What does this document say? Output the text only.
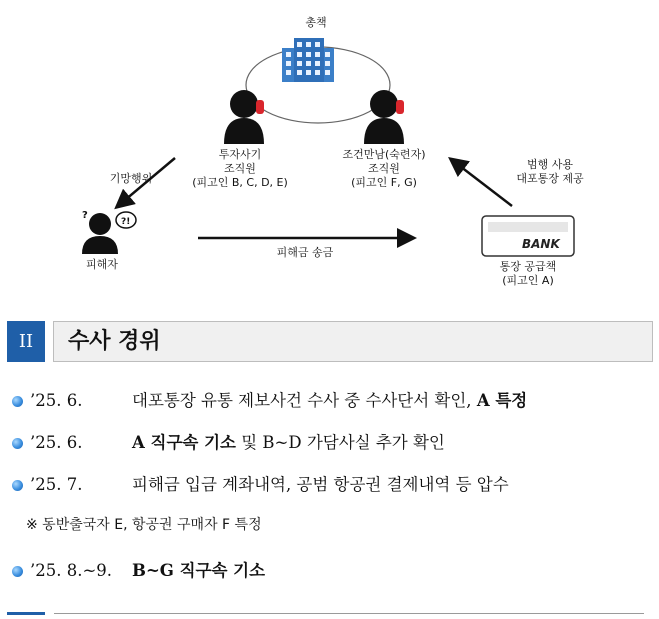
?!
?
BANK
총책
투자사기
조직원
(피고인 B, C, D, E)
조건만남(숙련자)
조직원
(피고인 F, G)
기망행위
피해자
피해금 송금
통장 공급책
(피고인 A)
범행 사용
대포통장 제공
II	수사 경위
’25. 6.	대포통장 유통 제보사건 수사 중 수사단서 확인, A 특정
’25. 6.	A 직구속 기소 및 B~D 가담사실 추가 확인
’25. 7.	피해금 입금 계좌내역, 공범 항공권 결제내역 등 압수
※ 동반출국자 E, 항공권 구매자 F 특정
’25. 8.~9. B~G 직구속 기소
